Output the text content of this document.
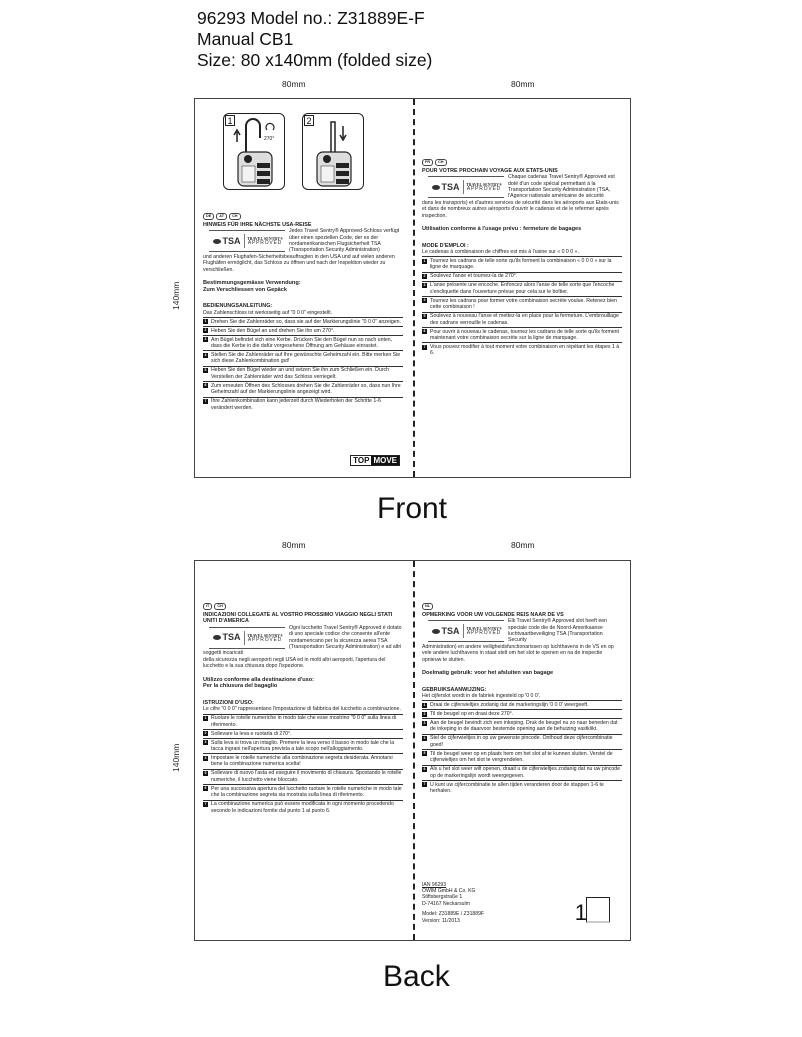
96293 Model no.: Z31889E-F
Manual CB1
Size: 80 x140mm (folded size)
80mm	80mm
140mm
1
270°
2
DE	AT	CH
HINWEIS FÜR IHRE NÄCHSTE USA-REISE
TSA	TRAVEL SENTRY®
APPROVED
Jedes Travel Sentry® Approved-Schloss verfügt über einen speziellen Code, der es der nordamerikanischen Flugsicherheit TSA (Transportation Security Administration)
und anderen Flughafen-Sicherheitsbeauftragten in den USA und auf vielen anderen Flughäfen ermöglicht, das Schloss zu öffnen und nach der Inspektion wieder zu verschließen.
Bestimmungsgemässe Verwendung:
Zum Verschliessen von Gepäck
BEDIENUNGSANLEITUNG:
Das Zahlenschloss ist werksseitig auf "0 0 0" eingestellt.
1 Drehen Sie die Zahlenräder so, dass sie auf der Markierungslinie "0 0 0" anzeigen.
2 Heben Sie den Bügel an und drehen Sie ihn um 270°.
3 Am Bügel befindet sich eine Kerbe. Drücken Sie den Bügel nun so nach unten, dass die Kerbe in die dafür vorgesehene Öffnung am Gehäuse einrastet.
4 Stellen Sie die Zahlenräder auf Ihre gewünschte Geheimzahl ein. Bitte merken Sie sich diese Zahlenkombination gut!
5 Heben Sie den Bügel wieder an und setzen Sie ihn zum Schließen ein. Durch Verstellen der Zahlenräder wird das Schloss verriegelt.
6 Zum erneuten Öffnen des Schlosses drehen Sie die Zahlenräder so, dass nun Ihre Geheimzahl auf der Markierungslinie angezeigt wird.
7 Ihre Zahlenkombination kann jederzeit durch Wiederholen der Schritte 1-6 verändert werden.
TOP MOVE
FR	CH
POUR VOTRE PROCHAIN VOYAGE AUX ETATS-UNIS
TSA	TRAVEL SENTRY®
APPROVED
Chaque cadenas Travel Sentry® Approved est doté d'un code spécial permettant à la Transportation Security Administration (TSA, l'Agence nationale américaine de sécurité
dans les transports) et d'autres services de sécurité dans les aéroports aux Etats-unis et dans de nombreux autres aéroports d'ouvrir le cadenas et de le refermer après inspection.
Utilisation conforme à l'usage prévu : fermeture de bagages
MODE D'EMPLOI :
Le cadenas à combinaison de chiffres est mis à l'usine sur « 0 0 0 ».
1 Tournez les cadrans de telle sorte qu'ils forment la combinaison « 0 0 0 » sur la ligne de marquage.
2 Soulevez l'anse et tournez-la de 270°.
3 L'anse présente une encoche. Enfoncez alors l'anse de telle sorte que l'encoche s'encliquette dans l'ouverture prévue pour cela sur le boîtier.
4 Tournez les cadrans pour former votre combinaison secrète voulue. Retenez bien cette combinaison !
5 Soulevez à nouveau l'anse et mettez-la en place pour la fermeture. L'embrouillage des cadrans verrouille le cadenas.
6 Pour ouvrir à nouveau le cadenas, tournez les cadrans de telle sorte qu'ils forment maintenant votre combinaison secrète sur la ligne de marquage.
7 Vous pouvez modifier à tout moment votre combinaison en répétant les étapes 1 à 6.
Front
80mm	80mm
140mm
IT	CH
INDICAZIONI COLLEGATE AL VOSTRO PROSSIMO VIAGGIO NEGLI STATI UNITI D'AMERICA
TSA	TRAVEL SENTRY®
APPROVED
Ogni lucchetto Travel Sentry® Approved è dotato di uno speciale codice che consente all'ente nordamericano per la sicurezza aerea TSA (Transportation Security Administration) e ad altri soggetti incaricati
della sicurezza negli aeroporti negli USA ed in molti altri aeroporti, l'apertura del lucchetto e la sua chiusura dopo l'ispezione.
Utilizzo conforme alla destinazione d'uso:
Per la chiusura del bagaglio
ISTRUZIONI D'USO:
Le cifre "0 0 0" rappresentano l'impostazione di fabbrica del lucchetto a combinazione.
1 Ruotare le rotelle numeriche in modo tale che esse mostrino "0 0 0" sulla linea di riferimento.
2 Sollevare la leva e ruotarla di 270°.
3 Sulla leva si trova un intaglio. Premere la leva verso il basso in modo tale che la tacca ingrani nell'apertura prevista a tale scopo nell'alloggiamento.
4 Impostare le rotelle numeriche alla combinazione segreta desiderata. Annotarsi bene la combinazione numerica scelta!
5 Sollevare di nuovo l'asta ed eseguire il movimento di chiusura. Spostando le rotelle numeriche, il lucchetto viene bloccato.
6 Per una successiva apertura del lucchetto ruotare le rotelle numeriche in modo tale che la combinazione segreta sia mostrata sulla linea di riferimento.
7 La combinazione numerica può essere modificata in ogni momento procedendo secondo le indicazioni fornite dal punto 1 al punto 6.
NL
OPMERKING VOOR UW VOLGENDE REIS NAAR DE VS
TSA	TRAVEL SENTRY®
APPROVED
Elk Travel Sentry® Approved slot heeft een speciale code die de Noord-Amerikaanse luchtvaartbeveiliging TSA (Transportation Security
Administration) en andere veiligheidsfunctionarissen op luchthavens in de VS en op vele andere luchthavens in staat stelt om het slot te openen en na de inspectie opnieuw te sluiten.
Doelmatig gebruik: voor het afsluiten van bagage
GEBRUIKSAANWIJZING:
Het cijferslot wordt in de fabriek ingesteld op '0 0 0'.
1 Draai de cijferwieltjes zodanig dat de markeringslijn '0 0 0' weergeeft.
2 Til de beugel op en draai deze 270°.
3 Aan de beugel bevindt zich een inkeping. Druk de beugel nu zo naar beneden dat de inkeping in de daarvoor bestemde opening aan de behuizing vastklikt.
4 Stel de cijferwieltjes in op uw gewenste pincode. Onthoud deze cijfercombinatie goed!
5 Til de beugel weer op en plaats hem om het slot af te kunnen sluiten. Verstel de cijferwieltjes om het slot te vergrendelen.
6 Als u het slot weer wilt openen, draait u de cijferwieltjes zodanig dat nu uw pincode op de markeringslijn wordt weergegeven.
7 U kunt uw cijfercombinatie te allen tijden veranderen door de stappen 1-6 te herhalen.
IAN 96293
OWIM GmbH & Co. KG
Stiftsbergstraße 1
D-74167 Neckarsulm
Model: Z31889E / Z31889F
Version: 11/2013	1
Back
